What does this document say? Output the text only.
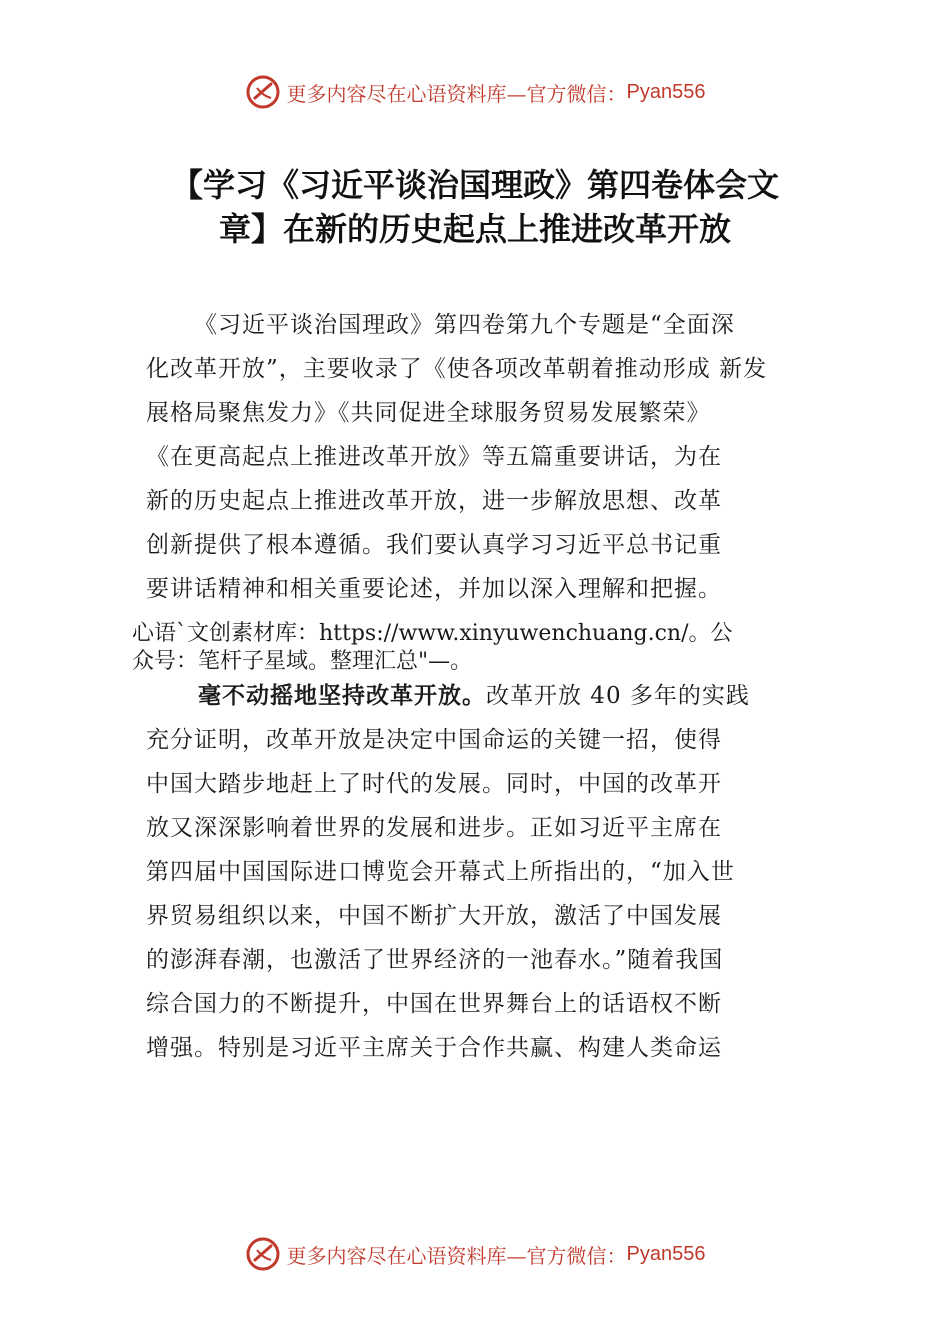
更多内容尽在心语资料库—官方微信： Pyan556
【学习《习近平谈治国理政》第四卷体会文
章】在新的历史起点上推进改革开放
《习近平谈治国理政》第四卷第九个专题是“全面深
化改革开放”，主要收录了《使各项改革朝着推动形成 新发
展格局聚焦发力》《共同促进全球服务贸易发展繁荣》
《在更高起点上推进改革开放》等五篇重要讲话，为在
新的历史起点上推进改革开放，进一步解放思想、改革
创新提供了根本遵循。我们要认真学习习近平总书记重
要讲话精神和相关重要论述，并加以深入理解和把握。
心语`文创素材库：https://www.xinyuwenchuang.cn/。公
众号：笔杆子星域。整理汇总"—。
毫不动摇地坚持改革开放。改革开放 40 多年的实践
充分证明，改革开放是决定中国命运的关键一招，使得
中国大踏步地赶上了时代的发展。同时，中国的改革开
放又深深影响着世界的发展和进步。正如习近平主席在
第四届中国国际进口博览会开幕式上所指出的，“加入世
界贸易组织以来，中国不断扩大开放，激活了中国发展
的澎湃春潮，也激活了世界经济的一池春水。”随着我国
综合国力的不断提升，中国在世界舞台上的话语权不断
增强。特别是习近平主席关于合作共赢、构建人类命运
更多内容尽在心语资料库—官方微信： Pyan556
